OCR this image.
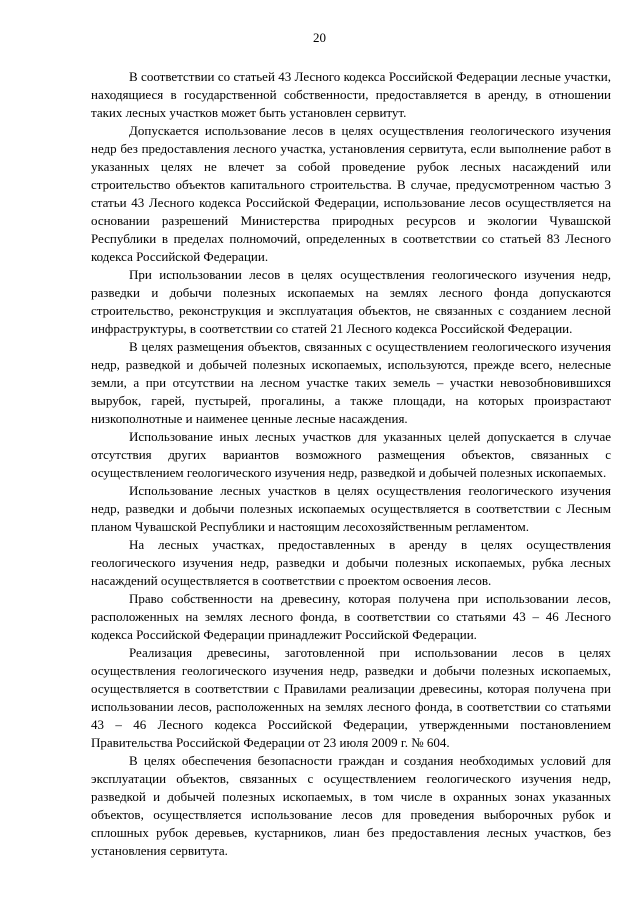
20

В соответствии со статьей 43 Лесного кодекса Российской Федерации лесные участки, находящиеся в государственной собственности, предоставляется в аренду, в отношении таких лесных участков может быть установлен сервитут.

Допускается использование лесов в целях осуществления геологического изучения недр без предоставления лесного участка, установления сервитута, если выполнение работ в указанных целях не влечет за собой проведение рубок лесных насаждений или строительство объектов капитального строительства. В случае, предусмотренном частью 3 статьи 43 Лесного кодекса Российской Федерации, использование лесов осуществляется на основании разрешений Министерства природных ресурсов и экологии Чувашской Республики в пределах полномочий, определенных в соответствии со статьей 83 Лесного кодекса Российской Федерации.

При использовании лесов в целях осуществления геологического изучения недр, разведки и добычи полезных ископаемых на землях лесного фонда допускаются строительство, реконструкция и эксплуатация объектов, не связанных с созданием лесной инфраструктуры, в соответствии со статей 21 Лесного кодекса Российской Федерации.

В целях размещения объектов, связанных с осуществлением геологического изучения недр, разведкой и добычей полезных ископаемых, используются, прежде всего, нелесные земли, а при отсутствии на лесном участке таких земель – участки невозобновившихся вырубок, гарей, пустырей, прогалины, а также площади, на которых произрастают низкополнотные и наименее ценные лесные насаждения.

Использование иных лесных участков для указанных целей допускается в случае отсутствия других вариантов возможного размещения объектов, связанных с осуществлением геологического изучения недр, разведкой и добычей полезных ископаемых.

Использование лесных участков в целях осуществления геологического изучения недр, разведки и добычи полезных ископаемых осуществляется в соответствии с Лесным планом Чувашской Республики и настоящим лесохозяйственным регламентом.

На лесных участках, предоставленных в аренду в целях осуществления геологического изучения недр, разведки и добычи полезных ископаемых, рубка лесных насаждений осуществляется в соответствии с проектом освоения лесов.

Право собственности на древесину, которая получена при использовании лесов, расположенных на землях лесного фонда, в соответствии со статьями 43 – 46 Лесного кодекса Российской Федерации принадлежит Российской Федерации.

Реализация древесины, заготовленной при использовании лесов в целях осуществления геологического изучения недр, разведки и добычи полезных ископаемых, осуществляется в соответствии с Правилами реализации древесины, которая получена при использовании лесов, расположенных на землях лесного фонда, в соответствии со статьями 43 – 46 Лесного кодекса Российской Федерации, утвержденными постановлением Правительства Российской Федерации от 23 июля 2009 г. № 604.

В целях обеспечения безопасности граждан и создания необходимых условий для эксплуатации объектов, связанных с осуществлением геологического изучения недр, разведкой и добычей полезных ископаемых, в том числе в охранных зонах указанных объектов, осуществляется использование лесов для проведения выборочных рубок и сплошных рубок деревьев, кустарников, лиан без предоставления лесных участков, без установления сервитута.
